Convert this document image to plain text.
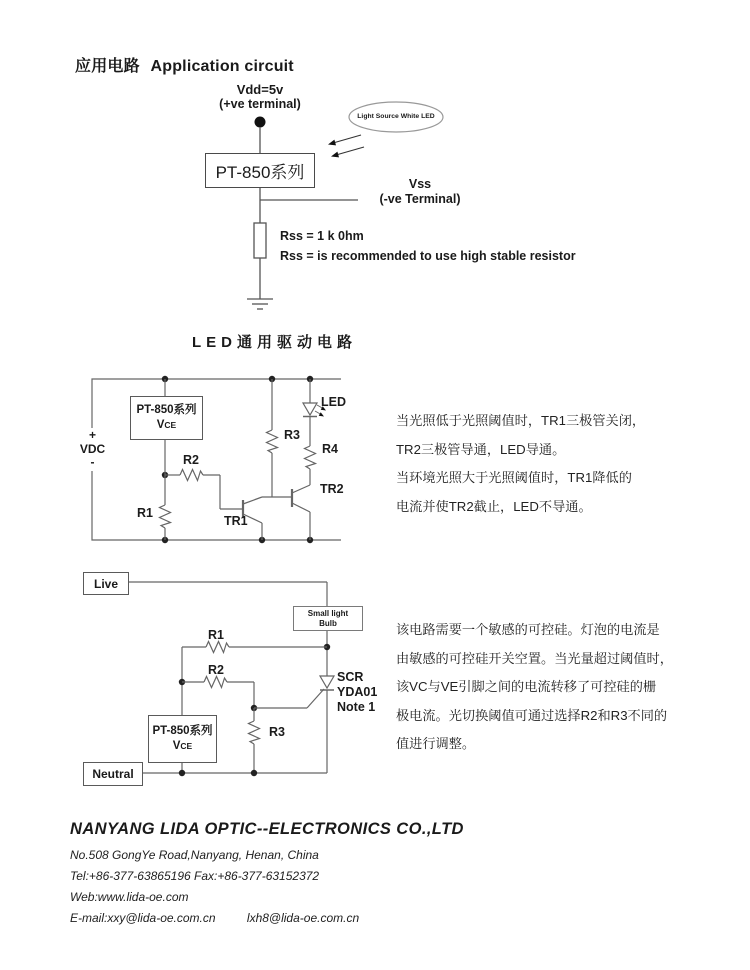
应用电路 Application circuit
Vdd=5v
(+ve terminal)
PT-850系列
Light Source White LED
Vss
(-ve Terminal)
Rss = 1 k 0hm
Rss = is recommended to use high stable resistor
LED通用驱动电路
+
VDC
-
PT-850系列
VCE
R2
R1
R3
LED
R4
TR2
TR1
当光照低于光照阈值时，TR1三极管关闭，
TR2三极管导通，LED导通。
当环境光照大于光照阈值时，TR1降低的
电流并使TR2截止，LED不导通。
Live
Small light
Bulb
R1
R2
R3
SCR
YDA01
Note 1
PT-850系列
VCE
Neutral
该电路需要一个敏感的可控硅。灯泡的电流是
由敏感的可控硅开关空置。当光量超过阈值时，
该VC与VE引脚之间的电流转移了可控硅的栅
极电流。光切换阈值可通过选择R2和R3不同的
值进行调整。
NANYANG LIDA OPTIC--ELECTRONICS CO.,LTD
No.508 GongYe Road,Nanyang, Henan, China
Tel:+86-377-63865196 Fax:+86-377-63152372
Web:www.lida-oe.com
E-mail:xxy@lida-oe.com.cn	lxh8@lida-oe.com.cn
